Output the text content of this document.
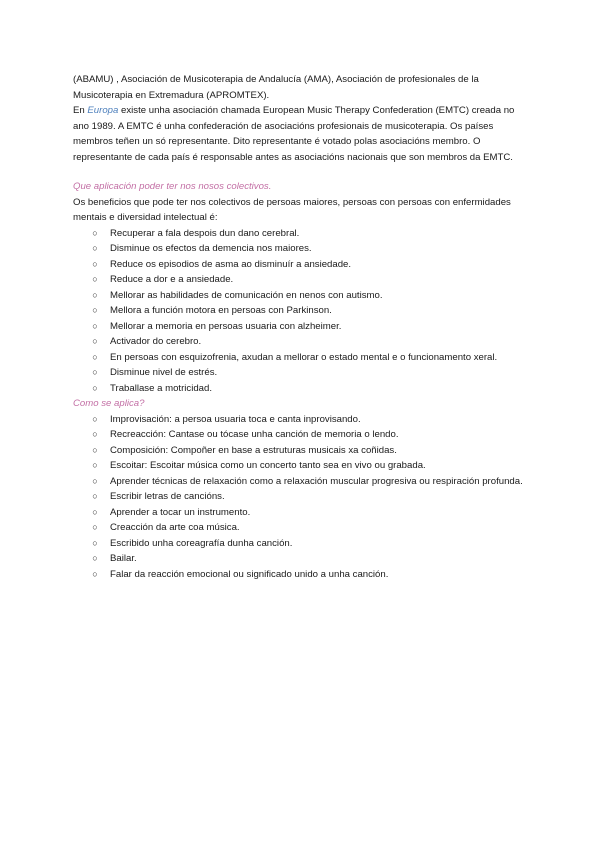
(ABAMU) , Asociación de Musicoterapia de Andalucía (AMA), Asociación de profesionales de la
Musicoterapia en Extremadura (APROMTEX).

En Europa existe unha asociación chamada European Music Therapy Confederation (EMTC) creada no ano 1989. A EMTC é unha confederación de asociacións profesionais de musicoterapia. Os países membros teñen un só representante. Dito representante é votado polas asociacións membro. O representante de cada país é responsable antes as asociacións nacionais que son membros da EMTC.

Que aplicación poder ter nos nosos colectivos.

Os beneficios que pode ter nos colectivos de persoas maiores, persoas con persoas con enfermidades mentais e diversidad intelectual é:

○ Recuperar a fala despois dun dano cerebral.
○ Disminue os efectos da demencia nos maiores.
○ Reduce os episodios de asma ao disminuír a ansiedade.
○ Reduce a dor e a ansiedade.
○ Mellorar as habilidades de comunicación en nenos con autismo.
○ Mellora a función motora en persoas con Parkinson.
○ Mellorar a memoria en persoas usuaria con alzheimer.
○ Activador do cerebro.
○ En persoas con esquizofrenia, axudan a mellorar o estado mental e o funcionamento xeral.
○ Disminue nivel de estrés.
○ Traballase a motricidad.

Como se aplica?

○ Improvisación: a persoa usuaria toca e canta inprovisando.
○ Recreacción: Cantase ou tócase unha canción de memoria o lendo.
○ Composición: Compoñer en base a estruturas musicais xa coñidas.
○ Escoitar: Escoitar música como un concerto tanto sea en vivo ou grabada.
○ Aprender técnicas de relaxación como a relaxación muscular progresiva ou respiración profunda.
○ Escribir letras de cancións.
○ Aprender a tocar un instrumento.
○ Creacción da arte coa música.
○ Escribido unha coreagrafía dunha canción.
○ Bailar.
○ Falar da reacción emocional ou significado unido a unha canción.
